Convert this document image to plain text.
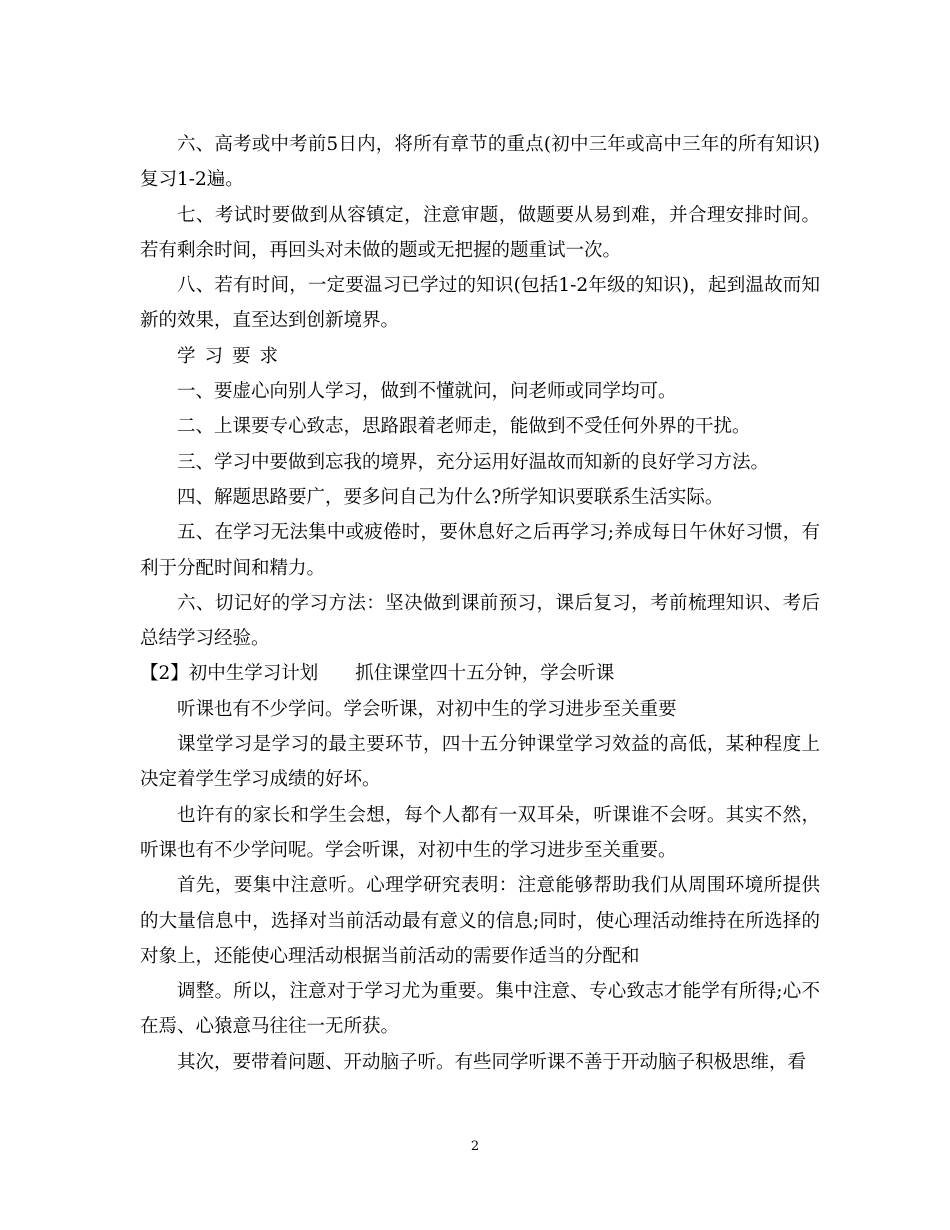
六、高考或中考前5日内，将所有章节的重点(初中三年或高中三年的所有知识)复习1-2遍。

七、考试时要做到从容镇定，注意审题，做题要从易到难，并合理安排时间。若有剩余时间，再回头对未做的题或无把握的题重试一次。

八、若有时间，一定要温习已学过的知识(包括1-2年级的知识)，起到温故而知新的效果，直至达到创新境界。

学习要求

一、要虚心向别人学习，做到不懂就问，问老师或同学均可。

二、上课要专心致志，思路跟着老师走，能做到不受任何外界的干扰。

三、学习中要做到忘我的境界，充分运用好温故而知新的良好学习方法。

四、解题思路要广，要多问自己为什么?所学知识要联系生活实际。

五、在学习无法集中或疲倦时，要休息好之后再学习;养成每日午休好习惯，有利于分配时间和精力。

六、切记好的学习方法：坚决做到课前预习，课后复习，考前梳理知识、考后总结学习经验。

【2】初中生学习计划　　抓住课堂四十五分钟，学会听课

听课也有不少学问。学会听课，对初中生的学习进步至关重要

课堂学习是学习的最主要环节，四十五分钟课堂学习效益的高低，某种程度上决定着学生学习成绩的好坏。

也许有的家长和学生会想，每个人都有一双耳朵，听课谁不会呀。其实不然，听课也有不少学问呢。学会听课，对初中生的学习进步至关重要。

首先，要集中注意听。心理学研究表明：注意能够帮助我们从周围环境所提供的大量信息中，选择对当前活动最有意义的信息;同时，使心理活动维持在所选择的对象上，还能使心理活动根据当前活动的需要作适当的分配和

调整。所以，注意对于学习尤为重要。集中注意、专心致志才能学有所得;心不在焉、心猿意马往往一无所获。

其次，要带着问题、开动脑子听。有些同学听课不善于开动脑子积极思维，看

2
